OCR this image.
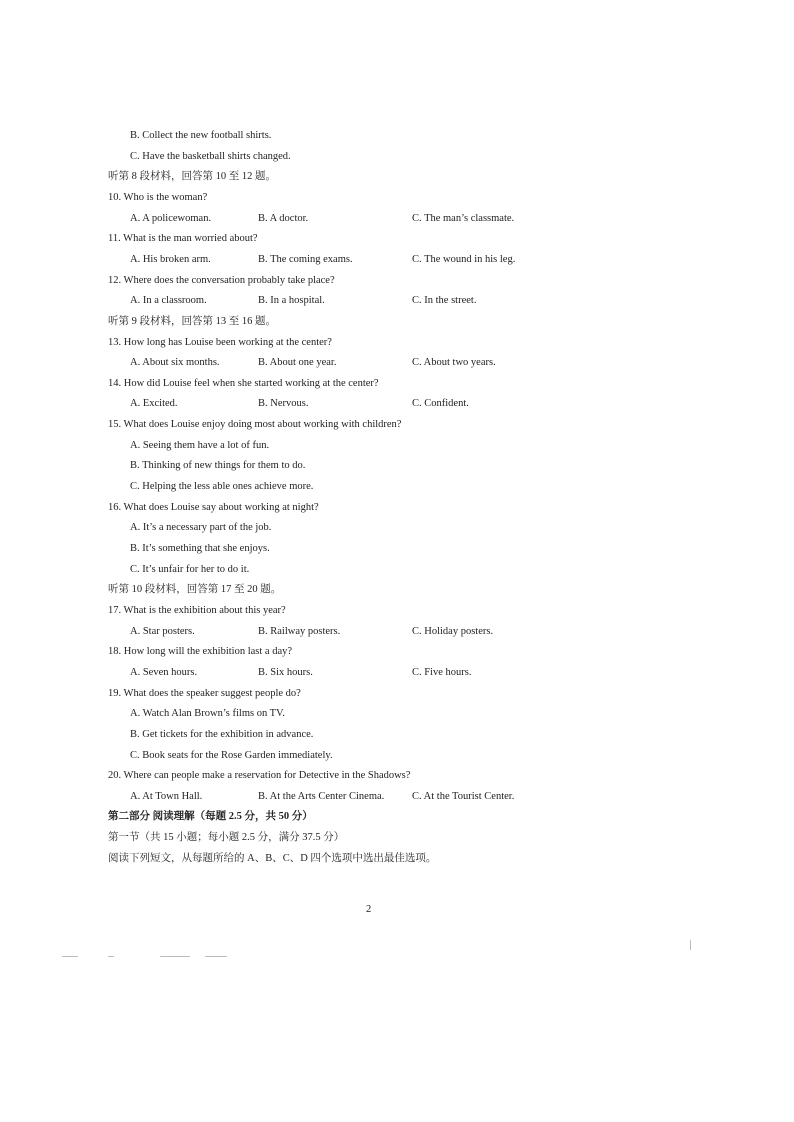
B. Collect the new football shirts.
C. Have the basketball shirts changed.
听第 8 段材料，回答第 10 至 12 题。
10. Who is the woman?
A. A policewoman.	B. A doctor.	C. The man’s classmate.
11. What is the man worried about?
A. His broken arm.	B. The coming exams.	C. The wound in his leg.
12. Where does the conversation probably take place?
A. In a classroom.	B. In a hospital.	C. In the street.
听第 9 段材料，回答第 13 至 16 题。
13. How long has Louise been working at the center?
A. About six months.	B. About one year.	C. About two years.
14. How did Louise feel when she started working at the center?
A. Excited.	B. Nervous.	C. Confident.
15. What does Louise enjoy doing most about working with children?
A. Seeing them have a lot of fun.
B. Thinking of new things for them to do.
C. Helping the less able ones achieve more.
16. What does Louise say about working at night?
A. It’s a necessary part of the job.
B. It’s something that she enjoys.
C. It’s unfair for her to do it.
听第 10 段材料，回答第 17 至 20 题。
17. What is the exhibition about this year?
A. Star posters.	B. Railway posters.	C. Holiday posters.
18. How long will the exhibition last a day?
A. Seven hours.	B. Six hours.	C. Five hours.
19. What does the speaker suggest people do?
A. Watch Alan Brown’s films on TV.
B. Get tickets for the exhibition in advance.
C. Book seats for the Rose Garden immediately.
20. Where can people make a reservation for Detective in the Shadows?
A. At Town Hall.	B. At the Arts Center Cinema.	C. At the Tourist Center.
第二部分 阅读理解（每题 2.5 分，共 50 分）
第一节（共 15 小题；每小题 2.5 分，满分 37.5 分）
阅读下列短文，从每题所给的 A、B、C、D 四个选项中选出最佳选项。
2
